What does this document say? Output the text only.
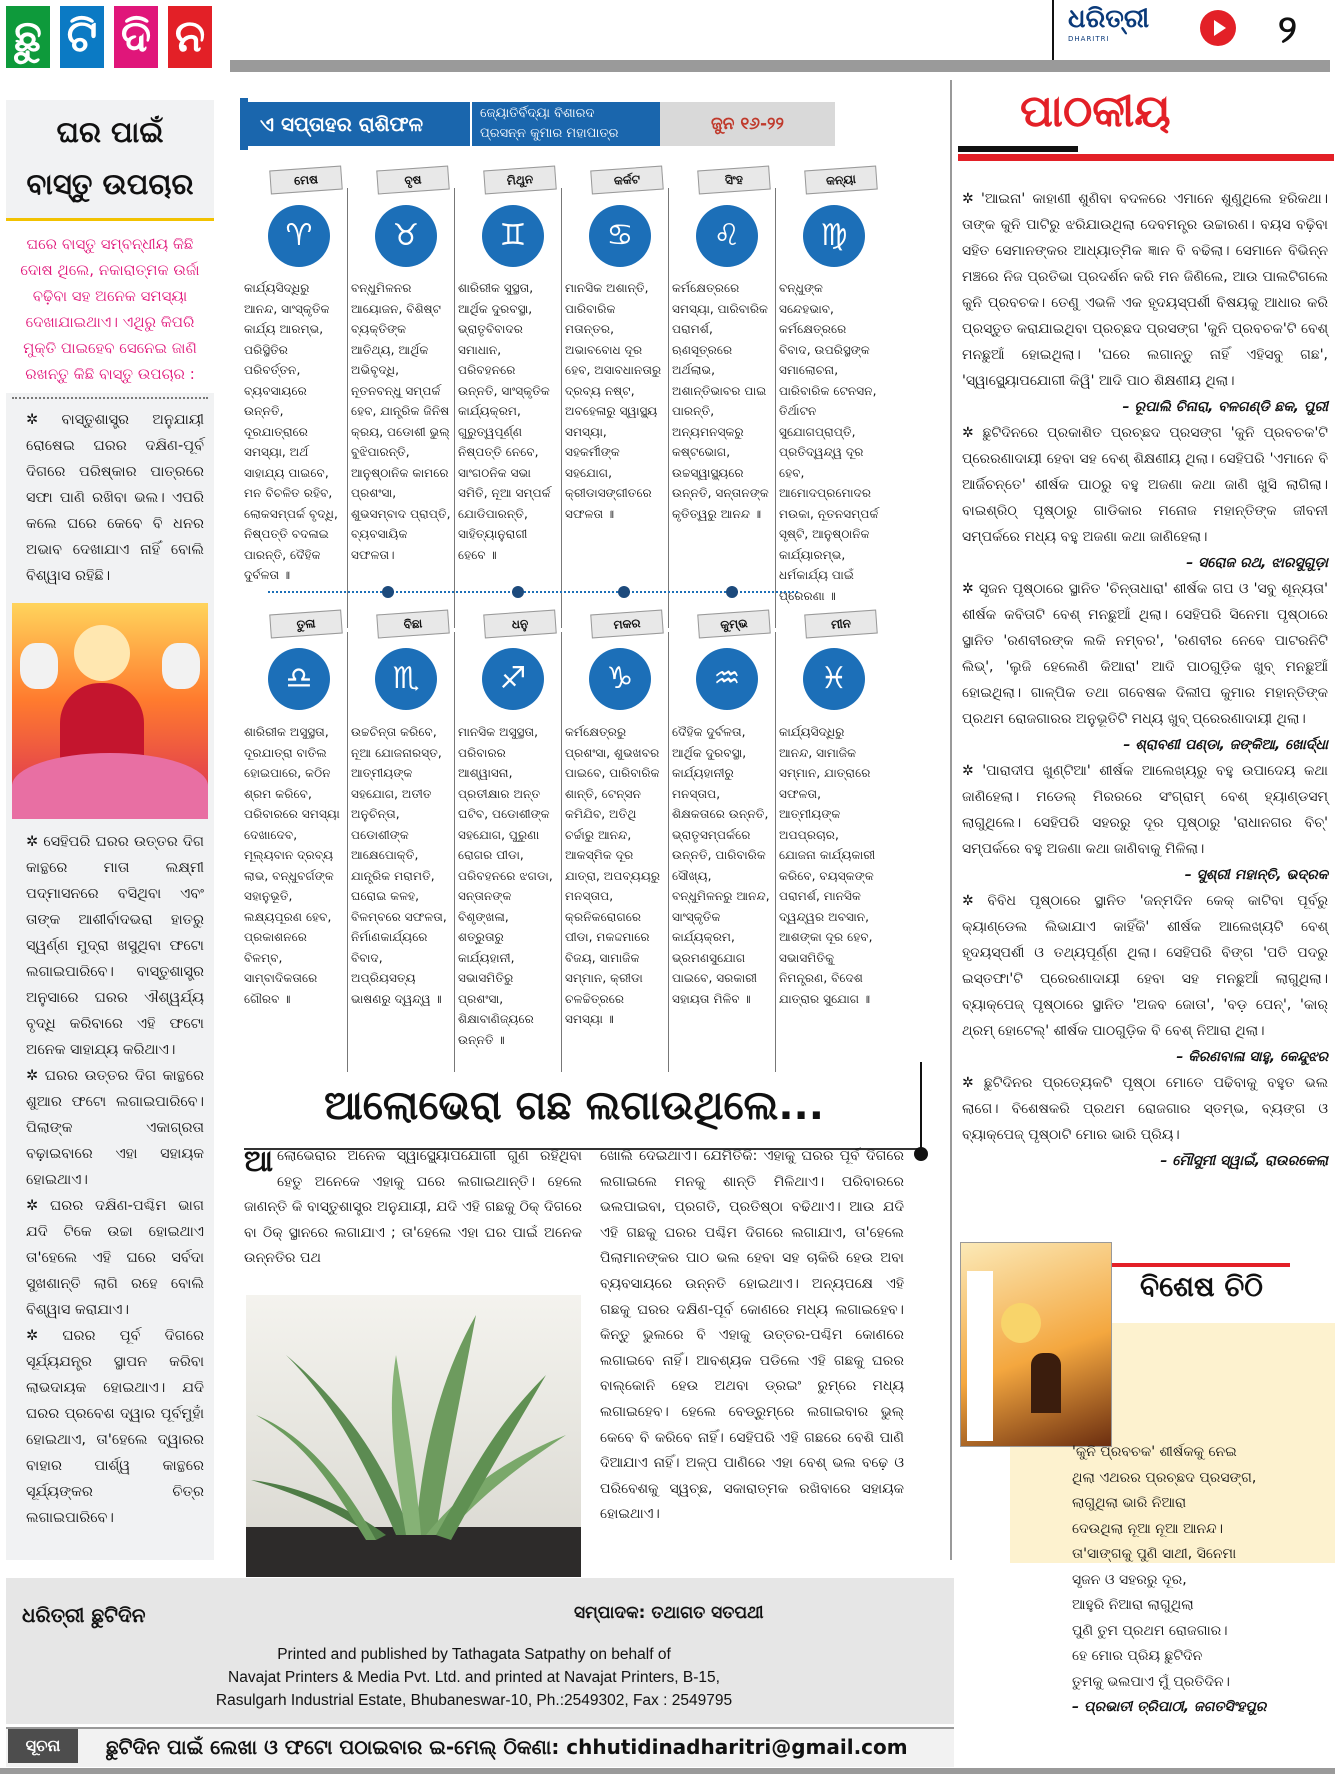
ଛୁ ଟି ଦି ନ	ଧରିତ୍ରୀ
DHARITRI	୨
ଘର ପାଇଁ
ବାସ୍ତୁ ଉପଚାର
ଘରେ ବାସ୍ତୁ ସମ୍ବନ୍ଧୀୟ କିଛି ଦୋଷ ଥିଲେ, ନକାରାତ୍ମକ ଉର୍ଜା ବଢ଼ିବା ସହ ଅନେକ ସମସ୍ୟା ଦେଖାଯାଇଥାଏ। ଏଥିରୁ କିପରି ମୁକ୍ତି ପାଇହେବ ସେନେଇ ଜାଣି ରଖନ୍ତୁ କିଛି ବାସ୍ତୁ ଉପଚାର :
✲ ବାସ୍ତୁଶାସ୍ତ୍ର ଅନୁଯାୟୀ ରୋଷେଇ ଘରର ଦକ୍ଷିଣ-ପୂର୍ବ ଦିଗରେ ପରିଷ୍କାର ପାତ୍ରରେ ସଫା ପାଣି ରଖିବା ଭଲ। ଏପରି କଲେ ଘରେ କେବେ ବି ଧନର ଅଭାବ ଦେଖାଯାଏ ନାହିଁ ବୋଲି ବିଶ୍ୱାସ ରହିଛି।
✲ ସେହିପରି ଘରର ଉତ୍ତର ଦିଗ କାନ୍ଥରେ ମାତା ଲକ୍ଷ୍ମୀ ପଦ୍ମାସନରେ ବସିଥିବା ଏବଂ ତାଙ୍କ ଆଶୀର୍ବାଦଭରା ହାତରୁ ସ୍ୱର୍ଣ୍ଣ ମୁଦ୍ରା ଖସୁଥିବା ଫଟୋ ଲଗାଇପାରିବେ। ବାସ୍ତୁଶାସ୍ତ୍ର ଅନୁସାରେ ଘରର ଐଶ୍ୱର୍ଯ୍ୟ ବୃଦ୍ଧି କରିବାରେ ଏହି ଫଟୋ ଅନେକ ସାହାଯ୍ୟ କରିଥାଏ।
✲ ଘରର ଉତ୍ତର ଦିଗ କାନ୍ଥରେ ଶୁଆର ଫଟୋ ଲଗାଇପାରିବେ। ପିଲାଙ୍କ ଏକାଗ୍ରତା ବଢ଼ାଇବାରେ ଏହା ସହାୟକ ହୋଇଥାଏ।
✲ ଘରର ଦକ୍ଷିଣ-ପଶ୍ଚିମ ଭାଗ ଯଦି ଟିକେ ଉଚ୍ଚା ହୋଇଥାଏ ତା'ହେଲେ ଏହି ଘରେ ସର୍ବଦା ସୁଖଶାନ୍ତି ଲାଗି ରହେ ବୋଲି ବିଶ୍ୱାସ କରାଯାଏ।
✲ ଘରର ପୂର୍ବ ଦିଗରେ ସୂର୍ଯ୍ୟଯନ୍ତ୍ର ସ୍ଥାପନ କରିବା ଲାଭଦାୟକ ହୋଇଥାଏ। ଯଦି ଘରର ପ୍ରବେଶ ଦ୍ୱାର ପୂର୍ବମୁହାଁ ହୋଇଥାଏ, ତା'ହେଲେ ଦ୍ୱାରର ବାହାର ପାର୍ଶ୍ୱ କାନ୍ଥରେ ସୂର୍ଯ୍ୟଙ୍କର ଚିତ୍ର ଲଗାଇପାରିବେ।
ଏ ସପ୍ତାହର ରାଶିଫଳ	ଜ୍ୟୋତିର୍ବିଦ୍ୟା ବିଶାରଦ
ପ୍ରସନ୍ନ କୁମାର ମହାପାତ୍ର	ଜୁନ ୧୬-୨୨
ମେଷ
♈
କାର୍ଯ୍ୟସିଦ୍ଧିରୁ ଆନନ୍ଦ, ସାଂସ୍କୃତିକ କାର୍ଯ୍ୟ ଆରମ୍ଭ, ପରିସ୍ଥିତିର ପରିବର୍ତ୍ତନ, ବ୍ୟବସାୟରେ ଉନ୍ନତି, ଦୂରଯାତ୍ରାରେ ସମସ୍ୟା, ଅର୍ଥ ସାହାଯ୍ୟ ପାଇବେ, ମନ ବିଚଳିତ ରହିବ, ଲୋକସମ୍ପର୍କ ବୃଦ୍ଧି, ନିଷ୍ପତ୍ତି ବଦଳାଇ ପାରନ୍ତି, ଦୈହିକ ଦୁର୍ବଳତା ॥
ବୃଷ
♉
ବନ୍ଧୁମିଳନର ଆୟୋଜନ, ବିଶିଷ୍ଟ ବ୍ୟକ୍ତିଙ୍କ ଆତିଥ୍ୟ, ଆର୍ଥିକ ଅଭିବୃଦ୍ଧି, ନୂତନବନ୍ଧୁ ସମ୍ପର୍କ ହେବ, ଯାନ୍ତ୍ରିକ ଜିନିଷ କ୍ରୟ, ପଡୋଶୀ ଭୁଲ୍ ବୁଝିପାରନ୍ତି, ଆନୁଷ୍ଠାନିକ କାମରେ ପ୍ରଶଂସା, ଶୁଭସମ୍ବାଦ ପ୍ରାପ୍ତି, ବ୍ୟବସାୟିକ ସଫଳତା।
ମିଥୁନ
♊
ଶାରିରୀକ ସୁସ୍ଥତା, ଆର୍ଥିକ ଦୁରବସ୍ଥା, ଭ୍ରାତୃବିବାଦର ସମାଧାନ, ପରିବହନରେ ଉନ୍ନତି, ସାଂସ୍କୃତିକ କାର୍ଯ୍ୟକ୍ରମ, ଗୁରୁତ୍ୱପୂର୍ଣ୍ଣ ନିଷ୍ପତ୍ତି ନେବେ, ସାଂଗଠନିକ ସଭା ସମିତି, ନୂଆ ସମ୍ପର୍କ ଯୋଡିପାରନ୍ତି, ସାହିତ୍ୟାନୁରାଗୀ ହେବେ ॥
କର୍କଟ
♋
ମାନସିକ ଅଶାନ୍ତି, ପାରିବାରିକ ମତାନ୍ତର, ଅଭାବବୋଧ ଦୂର ହେବ, ଅସାବଧାନତାରୁ ଦ୍ରବ୍ୟ ନଷ୍ଟ, ଅବହେଳାରୁ ସ୍ୱାସ୍ଥ୍ୟ ସମସ୍ୟା, ସହକର୍ମୀଙ୍କ ସହଯୋଗ, କ୍ରୀଡାସଙ୍ଗୀତରେ ସଫଳତା ॥
ସିଂହ
♌
କର୍ମକ୍ଷେତ୍ରରେ ସମସ୍ୟା, ପାରିବାରିକ ପରାମର୍ଶ, ଋଣସୂତ୍ରରେ ଅର୍ଥଲାଭ, ଅଶାନ୍ତିଭାବର ପାଇ ପାରନ୍ତି, ଅନ୍ୟମନସ୍କରୁ କଷ୍ଟଭୋଗ, ଉଚ୍ଚସ୍ୱାସ୍ଥ୍ୟରେ ଉନ୍ନତି, ସନ୍ତାନଙ୍କ କୃତିତ୍ୱରୁ ଆନନ୍ଦ ॥
କନ୍ୟା
♍
ବନ୍ଧୁଙ୍କ ସନ୍ଦେହଭାବ, କର୍ମକ୍ଷେତ୍ରରେ ବିବାଦ, ଉପରିସ୍ଥଙ୍କ ସମାଲୋଚନା, ପାରିବାରିକ ଟେନସନ, ତିର୍ଥାଟନ ସୁଯୋଗପ୍ରାପ୍ତି, ପ୍ରତିଦ୍ୱନ୍ଦ୍ୱ ଦୂର ହେବ, ଆମୋଦପ୍ରମୋଦର ମଉକା, ନୂତନସମ୍ପର୍କ ସୃଷ୍ଟି, ଆନୁଷ୍ଠାନିକ କାର୍ଯ୍ୟାରମ୍ଭ, ଧର୍ମକାର୍ଯ୍ୟ ପାଇଁ ପ୍ରେରଣା ॥
ତୁଳା
♎
ଶାରିରୀକ ଅସୁସ୍ଥତା, ଦୂରଯାତ୍ରା ବାତିଲ ହୋଇପାରେ, କଠିନ ଶ୍ରମ କରିବେ, ପରିବାରରେ ସମସ୍ୟା ଦେଖାଦେବ, ମୂଲ୍ୟବାନ ଦ୍ରବ୍ୟ ଲାଭ, ବନ୍ଧୁବର୍ଗଙ୍କ ସହାନୁଭୂତି, ଲକ୍ଷ୍ୟପୂରଣ ହେବ, ପ୍ରକାଶନରେ ବିଳମ୍ବ, ସାମ୍ବାଦିକତାରେ ଗୌରବ ॥
ବିଛା
♏
ଉଚ୍ଚଚିନ୍ତା କରିବେ, ନୂଆ ଯୋଜନାରସ୍ତ, ଆତ୍ମୀୟଙ୍କ ସହଯୋଗ, ଅତୀତ ଅନୁଚିନ୍ତା, ପଡୋଶୀଙ୍କ ଆକ୍ଷେପୋକ୍ତି, ଯାନ୍ତ୍ରିକ ମରାମତି, ଘରୋଇ କଳହ, ବିଳମ୍ବରେ ସଫଳତା, ନିର୍ମାଣକାର୍ଯ୍ୟରେ ବିବାଦ, ଅପ୍ରିୟସତ୍ୟ ଭାଷଣରୁ ଦ୍ୱନ୍ଦ୍ୱ ॥
ଧନୁ
♐
ମାନସିକ ଅସୁସ୍ଥତା, ପରିବାରର ଆଶ୍ୱାସନା, ପ୍ରତୀକ୍ଷାର ଅନ୍ତ ଘଟିବ, ପଡୋଶୀଙ୍କ ସହଯୋଗ, ପୁରୁଣା ରୋଗର ପୀଡା, ପରିବହନରେ ଝଗଡା, ସନ୍ତାନଙ୍କ ବିଶୃଙ୍ଖଳା, ଶତ୍ରୁତାରୁ କାର୍ଯ୍ୟହାନୀ, ସଭାସମିତିରୁ ପ୍ରଶଂସା, ଶିକ୍ଷାବାଣିଜ୍ୟରେ ଉନ୍ନତି ॥
ମକର
♑
କର୍ମକ୍ଷେତ୍ରରୁ ପ୍ରଶଂସା, ଶୁଭଖବର ପାଇବେ, ପାରିବାରିକ ଶାନ୍ତି, ଟେନ୍ସନ କମିଯିବ, ଅତିଥି ଚର୍ଚ୍ଚାରୁ ଆନନ୍ଦ, ଆକସ୍ମିକ ଦୂର ଯାତ୍ରା, ଅପବ୍ୟୟରୁ ମନସ୍ତାପ, କ୍ରନିକରୋଗରେ ପୀଡା, ମକଦ୍ଦମାରେ ବିଜୟ, ସାମାଜିକ ସମ୍ମାନ, କ୍ରୀଡା ଚଳଚ୍ଚିତ୍ରରେ ସମସ୍ୟା ॥
କୁମ୍ଭ
♒
ଦୈହିକ ଦୁର୍ବଳତା, ଆର୍ଥିକ ଦୁରବସ୍ଥା, କାର୍ଯ୍ୟହାନୀରୁ ମନସ୍ତାପ, ଶିକ୍ଷକତାରେ ଉନ୍ନତି, ଭ୍ରାତୃସମ୍ପର୍କରେ ଉନ୍ନତି, ପାରିବାରିକ ସୌଖ୍ୟ, ବନ୍ଧୁମିଳନରୁ ଆନନ୍ଦ, ସାଂସ୍କୃତିକ କାର୍ଯ୍ୟକ୍ରମ, ଭ୍ରମଣସୁଯୋଗ ପାଇବେ, ସରକାରୀ ସହାୟତା ମିଳିବ ॥
ମୀନ
♓
କାର୍ଯ୍ୟସିଦ୍ଧିରୁ ଆନନ୍ଦ, ସାମାଜିକ ସମ୍ମାନ, ଯାତ୍ରାରେ ସଫଳତା, ଆତ୍ମୀୟଙ୍କ ଅପପ୍ରଚାର, ଯୋଜନା କାର୍ଯ୍ୟକାରୀ କରିବେ, ବୟସ୍କଙ୍କ ପରାମର୍ଶ, ମାନସିକ ଦ୍ୱନ୍ଦ୍ୱର ଅବସାନ, ଆଶଙ୍କା ଦୂର ହେବ, ସଭାସମିତିକୁ ନିମନ୍ତ୍ରଣ, ବିଦେଶ ଯାତ୍ରାର ସୁଯୋଗ ॥
ଆଲୋଭେରା ଗଛ ଲଗାଉଥିଲେ...
ଆ ଲୋଭେରାର ଅନେକ ସ୍ୱାସ୍ଥ୍ୟୋପଯୋଗୀ ଗୁଣ ରହିଥିବା ହେତୁ ଅନେକେ ଏହାକୁ ଘରେ ଲଗାଇଥାନ୍ତି। ହେଲେ ଜାଣନ୍ତି କି ବାସ୍ତୁଶାସ୍ତ୍ର ଅନୁଯାୟୀ, ଯଦି ଏହି ଗଛକୁ ଠିକ୍ ଦିଗରେ ବା ଠିକ୍ ସ୍ଥାନରେ ଲଗାଯାଏ ; ତା'ହେଲେ ଏହା ଘର ପାଇଁ ଅନେକ ଉନ୍ନତିର ପଥ
ଖୋଲି ଦେଇଥାଏ। ଯେମିତିକି: ଏହାକୁ ଘରର ପୂର୍ବ ଦିଗରେ ଲଗାଇଲେ ମନକୁ ଶାନ୍ତି ମିଳିଥାଏ। ପରିବାରରେ ଭଲପାଇବା, ପ୍ରଗତି, ପ୍ରତିଷ୍ଠା ବଢିଥାଏ। ଆଉ ଯଦି ଏହି ଗଛକୁ ଘରର ପଶ୍ଚିମ ଦିଗରେ ଲଗାଯାଏ, ତା'ହେଲେ ପିଲାମାନଙ୍କର ପାଠ ଭଲ ହେବା ସହ ଚାକିରି ହେଉ ଅବା ବ୍ୟବସାୟରେ ଉନ୍ନତି ହୋଇଥାଏ। ଅନ୍ୟପକ୍ଷେ ଏହି ଗଛକୁ ଘରର ଦକ୍ଷିଣ-ପୂର୍ବ କୋଣରେ ମଧ୍ୟ ଲଗାଇହେବ। କିନ୍ତୁ ଭୁଲରେ ବି ଏହାକୁ ଉତ୍ତର-ପଶ୍ଚିମ କୋଣରେ ଲଗାଇବେ ନାହିଁ। ଆବଶ୍ୟକ ପଡିଲେ ଏହି ଗଛକୁ ଘରର ବାଲ୍କୋନି ହେଉ ଅଥବା ଡ୍ରଇଂ ରୁମ୍‌ରେ ମଧ୍ୟ ଲଗାଇହେବ। ହେଲେ ବେଡ୍‌ରୁମ୍‌ରେ ଲଗାଇବାର ଭୁଲ୍ କେବେ ବି କରିବେ ନାହିଁ। ସେହିପରି ଏହି ଗଛରେ ବେଶି ପାଣି ଦିଆଯାଏ ନାହିଁ। ଅଳ୍ପ ପାଣିରେ ଏହା ବେଶ୍ ଭଲ ବଢ଼େ ଓ ପରିବେଶକୁ ସ୍ୱଚ୍ଛ, ସକାରାତ୍ମକ ରଖିବାରେ ସହାୟକ ହୋଇଥାଏ।
ପାଠକୀୟ
✲ 'ଆଇନା' କାହାଣୀ ଶୁଣିବା ବଦଳରେ ଏମାନେ ଶୁଣୁଥିଲେ ହରିକଥା। ତାଙ୍କ କୁନି ପାଟିରୁ ଝରିଯାଉଥିଲା ଦେବମନ୍ତ୍ର ଉଚ୍ଚାରଣ। ବୟସ ବଢ଼ିବା ସହିତ ସେମାନଙ୍କର ଆଧ୍ୟାତ୍ମିକ ଜ୍ଞାନ ବି ବଢିଲା। ସେମାନେ ବିଭିନ୍ନ ମଞ୍ଚରେ ନିଜ ପ୍ରତିଭା ପ୍ରଦର୍ଶନ କରି ମନ ଜିଣିଲେ, ଆଉ ପାଲଟିଗଲେ କୁନି ପ୍ରବଚକ। ତେଣୁ ଏଭଳି ଏକ ହୃଦୟସ୍ପର୍ଶୀ ବିଷୟକୁ ଆଧାର କରି ପ୍ରସ୍ତୁତ କରାଯାଇଥିବା ପ୍ରଚ୍ଛଦ ପ୍ରସଙ୍ଗ 'କୁନି ପ୍ରବଚକ'ଟି ବେଶ୍ ମନଛୁଆଁ ହୋଇଥିଲା। 'ଘରେ ଲଗାନ୍ତୁ ନାହିଁ ଏହିସବୁ ଗଛ', 'ସ୍ୱାସ୍ଥ୍ୟୋପଯୋଗୀ କିୱି' ଆଦି ପାଠ ଶିକ୍ଷଣୀୟ ଥିଲା।
– ରୂପାଲି ଚିନାରା, ବଳଗଣ୍ଡି ଛକ, ପୁରୀ
✲ ଛୁଟିଦିନରେ ପ୍ରକାଶିତ ପ୍ରଚ୍ଛଦ ପ୍ରସଙ୍ଗ 'କୁନି ପ୍ରବଚକ'ଟି ପ୍ରେରଣାଦାୟୀ ହେବା ସହ ବେଶ୍ ଶିକ୍ଷଣୀୟ ଥିଲା। ସେହିପରି 'ଏମାନେ ବି ଆର୍ଜିଚନ୍ତେ' ଶୀର୍ଷକ ପାଠରୁ ବହୁ ଅଜଣା କଥା ଜାଣି ଖୁସି ଲାଗିଲା। ବାଇଶ୍ରିଠ୍ ପୃଷ୍ଠାରୁ ଗାଡିକାର ମନୋଜ ମହାନ୍ତିଙ୍କ ଜୀବନୀ ସମ୍ପର୍କରେ ମଧ୍ୟ ବହୁ ଅଜଣା କଥା ଜାଣିହେଲା।
– ସରୋଜ ରଥ, ଝାରସୁଗୁଡ଼ା
✲ ସୃଜନ ପୃଷ୍ଠାରେ ସ୍ଥାନିତ 'ଚିନ୍ତାଧାରା' ଶୀର୍ଷକ ଗପ ଓ 'ସବୁ ଶୂନ୍ୟତା' ଶୀର୍ଷକ କବିତାଟି ବେଶ୍ ମନଛୁଆଁ ଥିଲା। ସେହିପରି ସିନେମା ପୃଷ୍ଠାରେ ସ୍ଥାନିତ 'ରଣବୀରଙ୍କ ଲକି ନମ୍ବର', 'ରଣବୀର ନେବେ ପାଟରନିଟି ଲିଭ୍', 'ଲୁଜି ହେଲେଣି କିଆରା' ଆଦି ପାଠଗୁଡ଼ିକ ଖୁବ୍ ମନଛୁଆଁ ହୋଇଥିଲା। ଗାଳ୍ପିକ ତଥା ଗବେଷକ ଦିଲୀପ କୁମାର ମହାନ୍ତିଙ୍କ ପ୍ରଥମ ରୋଜଗାରର ଅନୁଭୂତିଟି ମଧ୍ୟ ଖୁବ୍ ପ୍ରେରଣାଦାୟୀ ଥିଲା।
– ଶ୍ରାବଣୀ ପଣ୍ଡା, ଜଙ୍କିଆ, ଖୋର୍ଦ୍ଧା
✲ 'ପାରାଦୀପ ଖୁଣ୍ଟିଆ' ଶୀର୍ଷକ ଆଲେଖ୍ୟରୁ ବହୁ ଉପାଦେୟ କଥା ଜାଣିହେଲା। ମଡେଲ୍ ମିରରରେ ସଂଗ୍ରାମ୍ ବେଶ୍ ହ୍ୟାଣ୍ଡସମ୍ ଲାଗୁଥିଲେ। ସେହିପରି ସହରରୁ ଦୂର ପୃଷ୍ଠାରୁ 'ରାଧାନଗର ବିଚ୍' ସମ୍ପର୍କରେ ବହୁ ଅଜଣା କଥା ଜାଣିବାକୁ ମିଳିଲା।
– ସୁଶ୍ରୀ ମହାନ୍ତି, ଭଦ୍ରକ
✲ ବିବିଧ ପୃଷ୍ଠାରେ ସ୍ଥାନିତ 'ଜନ୍ମଦିନ କେକ୍ କାଟିବା ପୂର୍ବରୁ କ୍ୟାଣ୍ଡେଲ ଲିଭାଯାଏ କାହିଁକି' ଶୀର୍ଷକ ଆଲେଖ୍ୟଟି ବେଶ୍ ହୃଦୟସ୍ପର୍ଶୀ ଓ ତଥ୍ୟପୂର୍ଣ୍ଣ ଥିଲା। ସେହିପରି ବିଙ୍ଗ 'ପତି ପଦରୁ ଇସ୍ତଫା'ଟି ପ୍ରେରଣାଦାୟୀ ହେବା ସହ ମନଛୁଆଁ ଲାଗୁଥିଲା। ବ୍ୟାକ୍‌ପେଜ୍ ପୃଷ୍ଠାରେ ସ୍ଥାନିତ 'ଅଜବ ଜୋତା', 'ବଡ଼ ପେନ୍', 'କାର୍ ଥ୍ରମ୍ ହୋଟେଲ୍' ଶୀର୍ଷକ ପାଠଗୁଡ଼ିକ ବି ବେଶ୍ ନିଆରା ଥିଲା।
– କିରଣବାଳା ସାହୁ, କେନ୍ଦୁଝର
✲ ଛୁଟିଦିନର ପ୍ରତ୍ୟେକଟି ପୃଷ୍ଠା ମୋତେ ପଢିବାକୁ ବହୁତ ଭଲ ଲାଗେ। ବିଶେଷକରି ପ୍ରଥମ ରୋଜଗାର ସ୍ତମ୍ଭ, ବ୍ୟଙ୍ଗ ଓ ବ୍ୟାକ୍‌ପେଜ୍ ପୃଷ୍ଠାଟି ମୋର ଭାରି ପ୍ରିୟ।
– ମୌସୁମୀ ସ୍ୱାଇଁ, ରାଉରକେଲା
ବିଶେଷ ଚିଠି
'କୁନି ପ୍ରବଚକ' ଶୀର୍ଷକକୁ ନେଇ
ଥିଲା ଏଥରର ପ୍ରଚ୍ଛଦ ପ୍ରସଙ୍ଗ,
ଲାଗୁଥିଲା ଭାରି ନିଆରା
ଦେଉଥିଲା ନୂଆ ନୂଆ ଆନନ୍ଦ।
ତା'ସାଙ୍ଗକୁ ପୁଣି ସାଥୀ, ସିନେମା
ସୃଜନ ଓ ସହରରୁ ଦୂର,
ଆହୁରି ନିଆରା ଲାଗୁଥିଲା
ପୁଣି ତୁମ ପ୍ରଥମ ରୋଜଗାର।
ହେ ମୋର ପ୍ରିୟ ଛୁଟିଦିନ
ତୁମକୁ ଭଲପାଏ ମୁଁ ପ୍ରତିଦିନ।
– ପ୍ରଭାତୀ ତ୍ରିପାଠୀ, ଜଗତସିଂହପୁର
ଧରିତ୍ରୀ ଛୁଟିଦିନ	ସମ୍ପାଦକ: ତଥାଗତ ସତପଥୀ
Printed and published by Tathagata Satpathy on behalf of
Navajat Printers & Media Pvt. Ltd. and printed at Navajat Printers, B-15,
Rasulgarh Industrial Estate, Bhubaneswar-10, Ph.:2549302, Fax : 2549795
ସୂଚନା	ଛୁଟିଦିନ ପାଇଁ ଲେଖା ଓ ଫଟୋ ପଠାଇବାର ଇ-ମେଲ୍ ଠିକଣା: chhutidinadharitri@gmail.com
